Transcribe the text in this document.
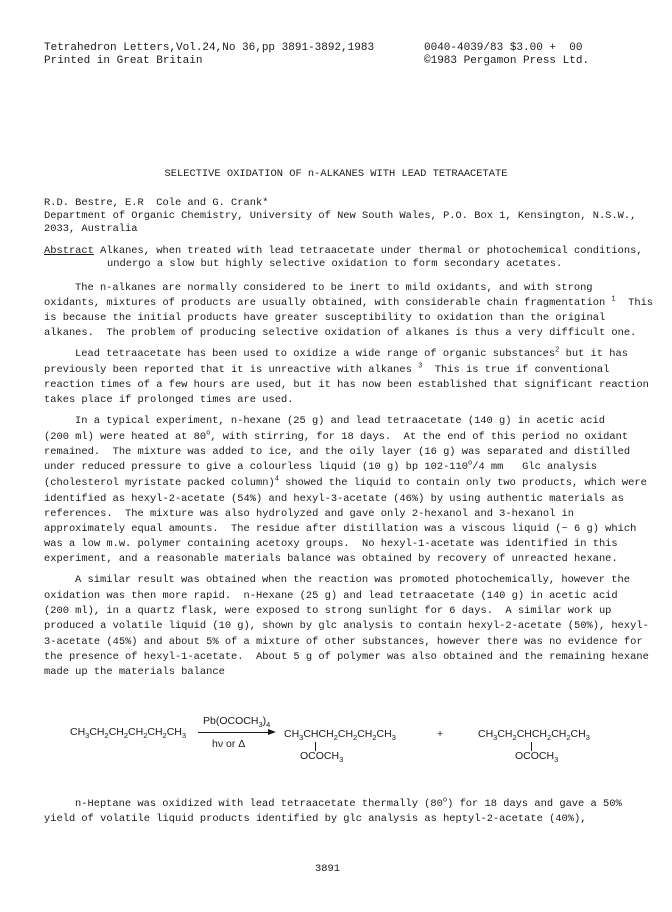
Tetrahedron Letters,Vol.24,No 36,pp 3891-3892,1983	0040-4039/83 $3.00 +  00
Printed in Great Britain	©1983 Pergamon Press Ltd.
SELECTIVE OXIDATION OF n-ALKANES WITH LEAD TETRAACETATE
R.D. Bestre, E.R  Cole and G. Crank*
Department of Organic Chemistry, University of New South Wales, P.O. Box 1, Kensington, N.S.W.,
2033, Australia
Abstract Alkanes, when treated with lead tetraacetate under thermal or photochemical conditions,
undergo a slow but highly selective oxidation to form secondary acetates.
The n-alkanes are normally considered to be inert to mild oxidants, and with strong
oxidants, mixtures of products are usually obtained, with considerable chain fragmentation $^1$  This
is because the initial products have greater susceptibility to oxidation than the original
alkanes.  The problem of producing selective oxidation of alkanes is thus a very difficult one.
Lead tetraacetate has been used to oxidize a wide range of organic substances$^2$ but it has
previously been reported that it is unreactive with alkanes $^3$  This is true if conventional
reaction times of a few hours are used, but it has now been established that significant reaction
takes place if prolonged times are used.
In a typical experiment, n-hexane (25 g) and lead tetraacetate (140 g) in acetic acid
(200 ml) were heated at 80$^o$, with stirring, for 18 days.  At the end of this period no oxidant
remained.  The mixture was added to ice, and the oily layer (16 g) was separated and distilled
under reduced pressure to give a colourless liquid (10 g) bp 102-110$^o$/4 mm   Glc analysis
(cholesterol myristate packed column)$^4$ showed the liquid to contain only two products, which were
identified as hexyl-2-acetate (54%) and hexyl-3-acetate (46%) by using authentic materials as
references.  The mixture was also hydrolyzed and gave only 2-hexanol and 3-hexanol in
approximately equal amounts.  The residue after distillation was a viscous liquid (~ 6 g) which
was a low m.w. polymer containing acetoxy groups.  No hexyl-1-acetate was identified in this
experiment, and a reasonable materials balance was obtained by recovery of unreacted hexane.
A similar result was obtained when the reaction was promoted photochemically, however the
oxidation was then more rapid.  n-Hexane (25 g) and lead tetraacetate (140 g) in acetic acid
(200 ml), in a quartz flask, were exposed to strong sunlight for 6 days.  A similar work up
produced a volatile liquid (10 g), shown by glc analysis to contain hexyl-2-acetate (50%), hexyl-
3-acetate (45%) and about 5% of a mixture of other substances, however there was no evidence for
the presence of hexyl-1-acetate.  About 5 g of polymer was also obtained and the remaining hexane
made up the materials balance
$CH_3CH_2CH_2CH_2CH_2CH_3$
$Pb(OCOCH_3)_4$
hν or Δ
$CH_3CHCH_2CH_2CH_2CH_3$
$OCOCH_3$
+	$CH_3CH_2CHCH_2CH_2CH_3$
$OCOCH_3$
n-Heptane was oxidized with lead tetraacetate thermally (80$^o$) for 18 days and gave a 50%
yield of volatile liquid products identified by glc analysis as heptyl-2-acetate (40%),
3891
